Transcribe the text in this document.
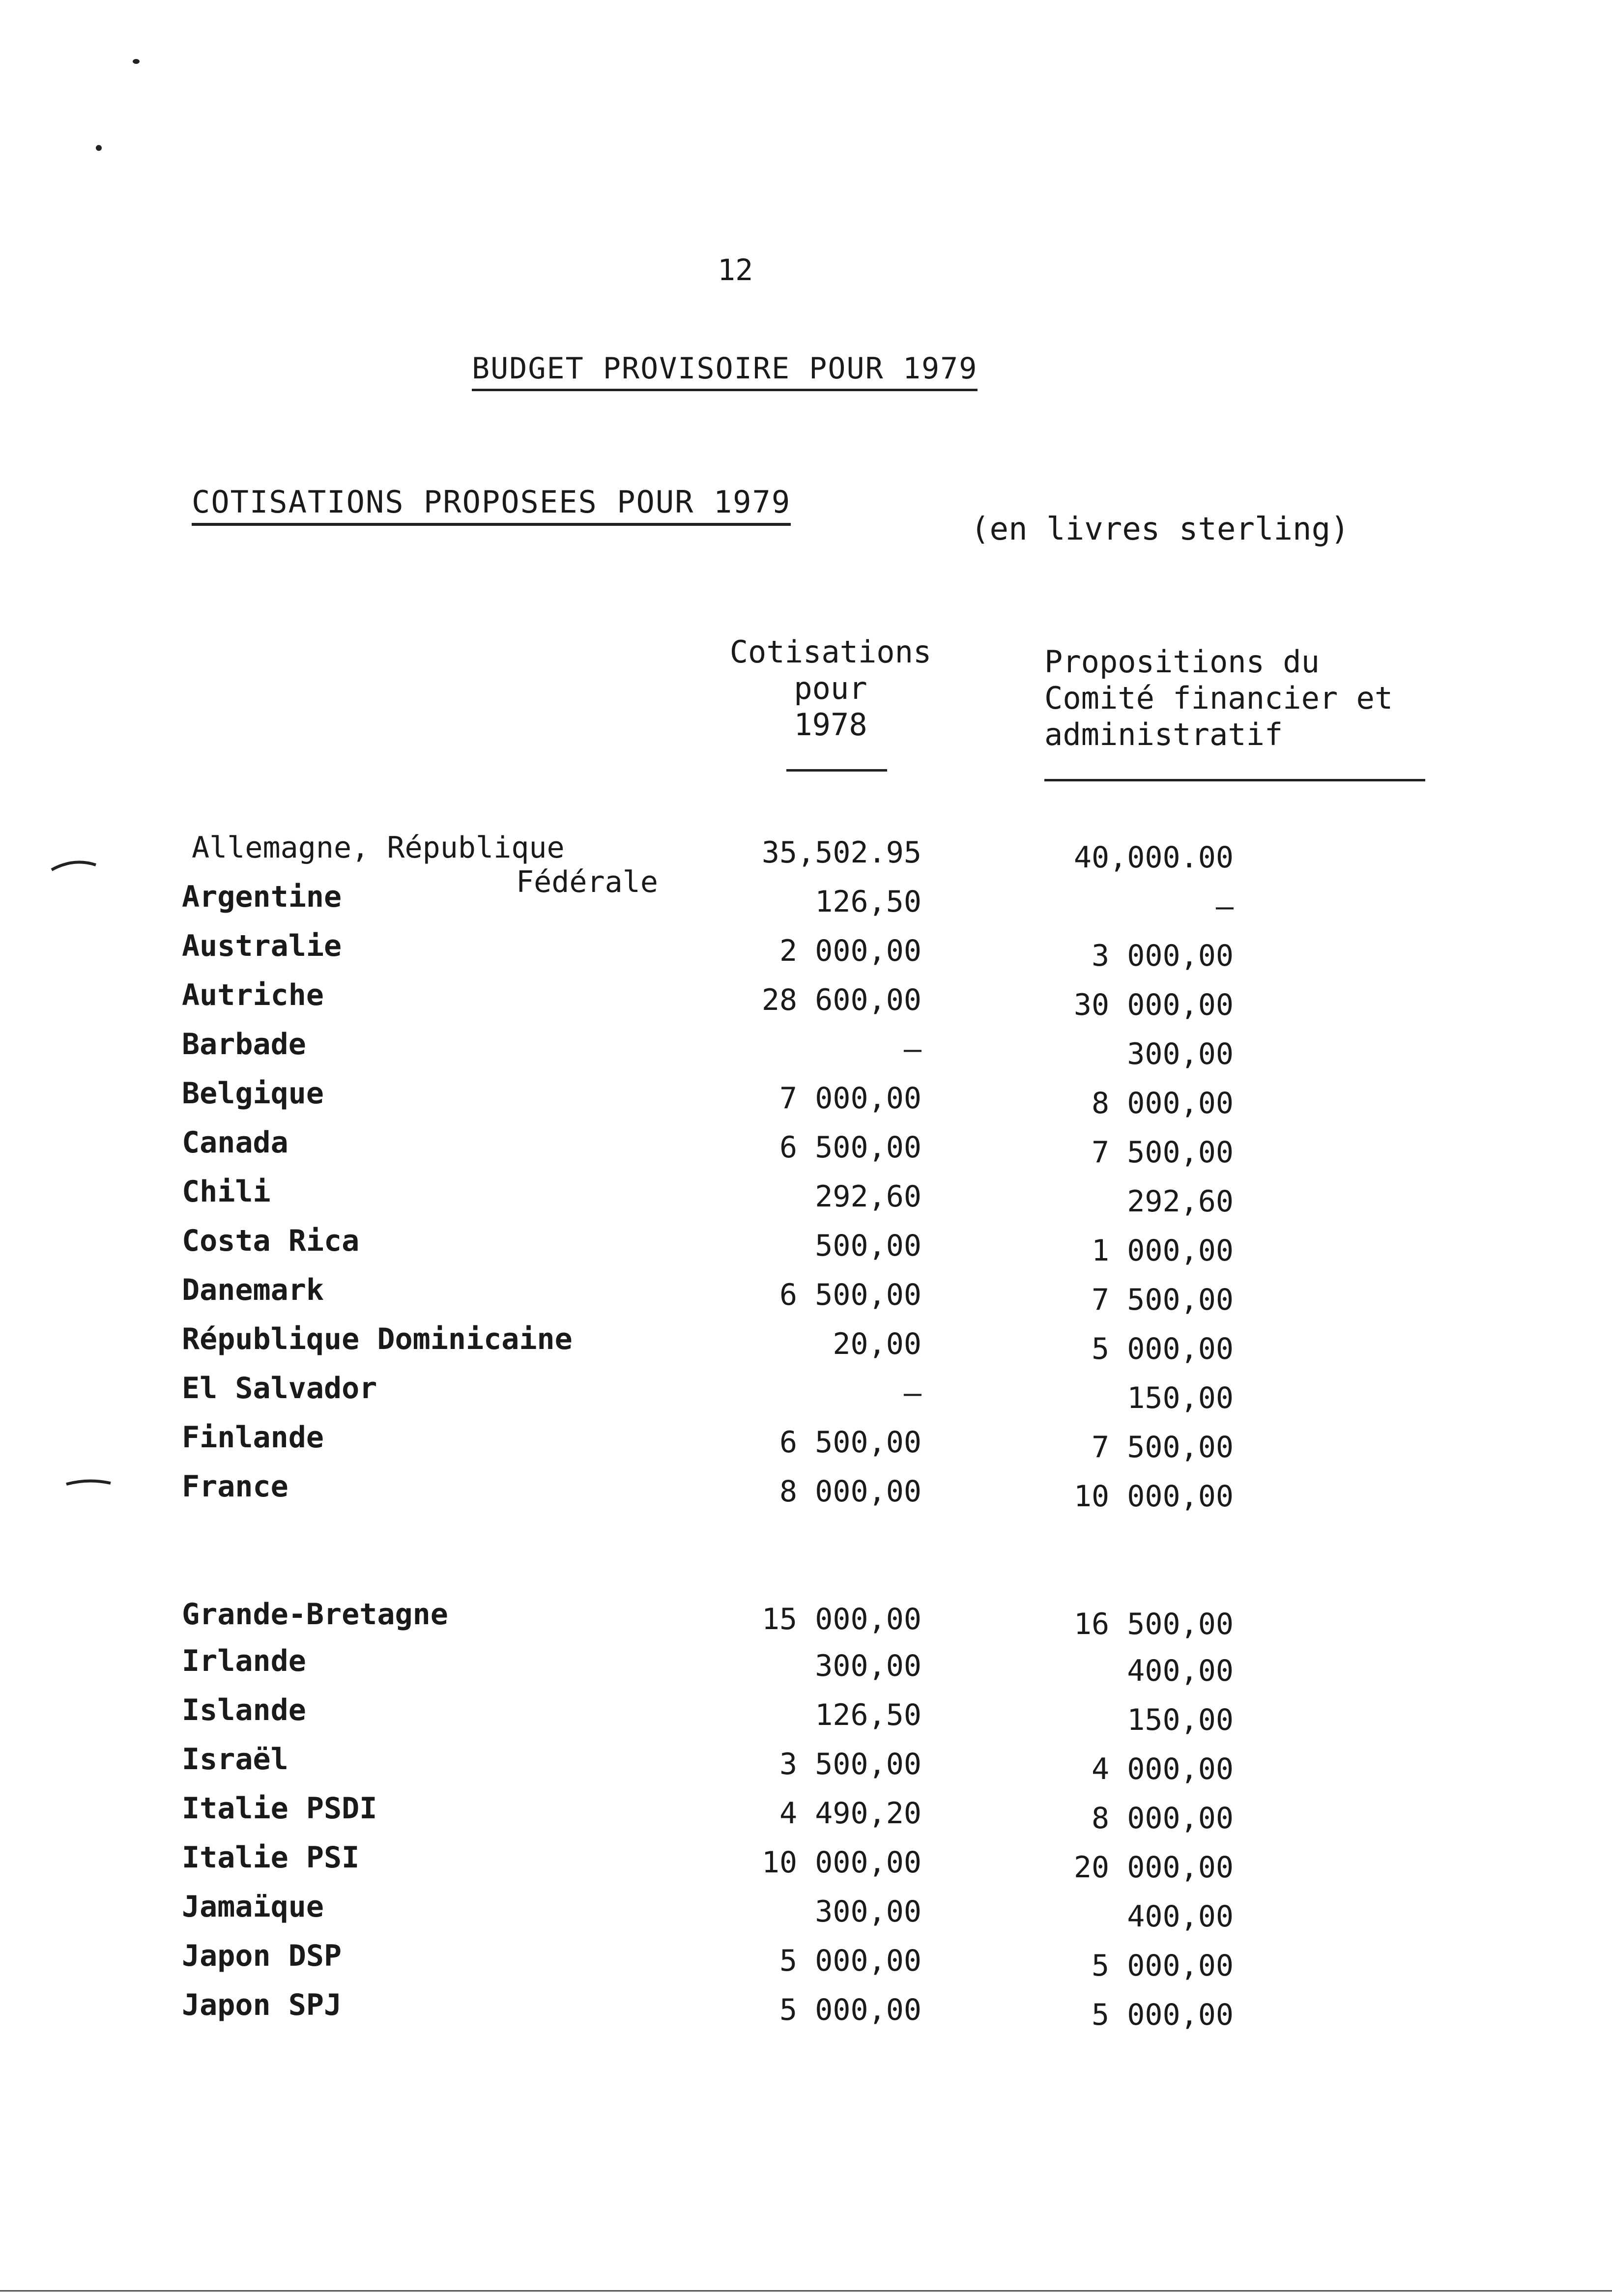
12
BUDGET PROVISOIRE POUR 1979
COTISATIONS PROPOSEES POUR 1979
(en livres sterling)
Cotisations
pour
1978
Propositions du
Comité financier et
administratif
Fédérale
Allemagne, République	35,502.95	40,000.00
Argentine	126,50	–
Australie	2 000,00	3 000,00
Autriche	28 600,00	30 000,00
Barbade	–	300,00
Belgique	7 000,00	8 000,00
Canada	6 500,00	7 500,00
Chili	292,60	292,60
Costa Rica	500,00	1 000,00
Danemark	6 500,00	7 500,00
République Dominicaine	20,00	5 000,00
El Salvador	–	150,00
Finlande	6 500,00	7 500,00
France	8 000,00	10 000,00
Grande-Bretagne	15 000,00	16 500,00
Irlande	300,00	400,00
Islande	126,50	150,00
Israël	3 500,00	4 000,00
Italie PSDI	4 490,20	8 000,00
Italie PSI	10 000,00	20 000,00
Jamaïque	300,00	400,00
Japon DSP	5 000,00	5 000,00
Japon SPJ	5 000,00	5 000,00
